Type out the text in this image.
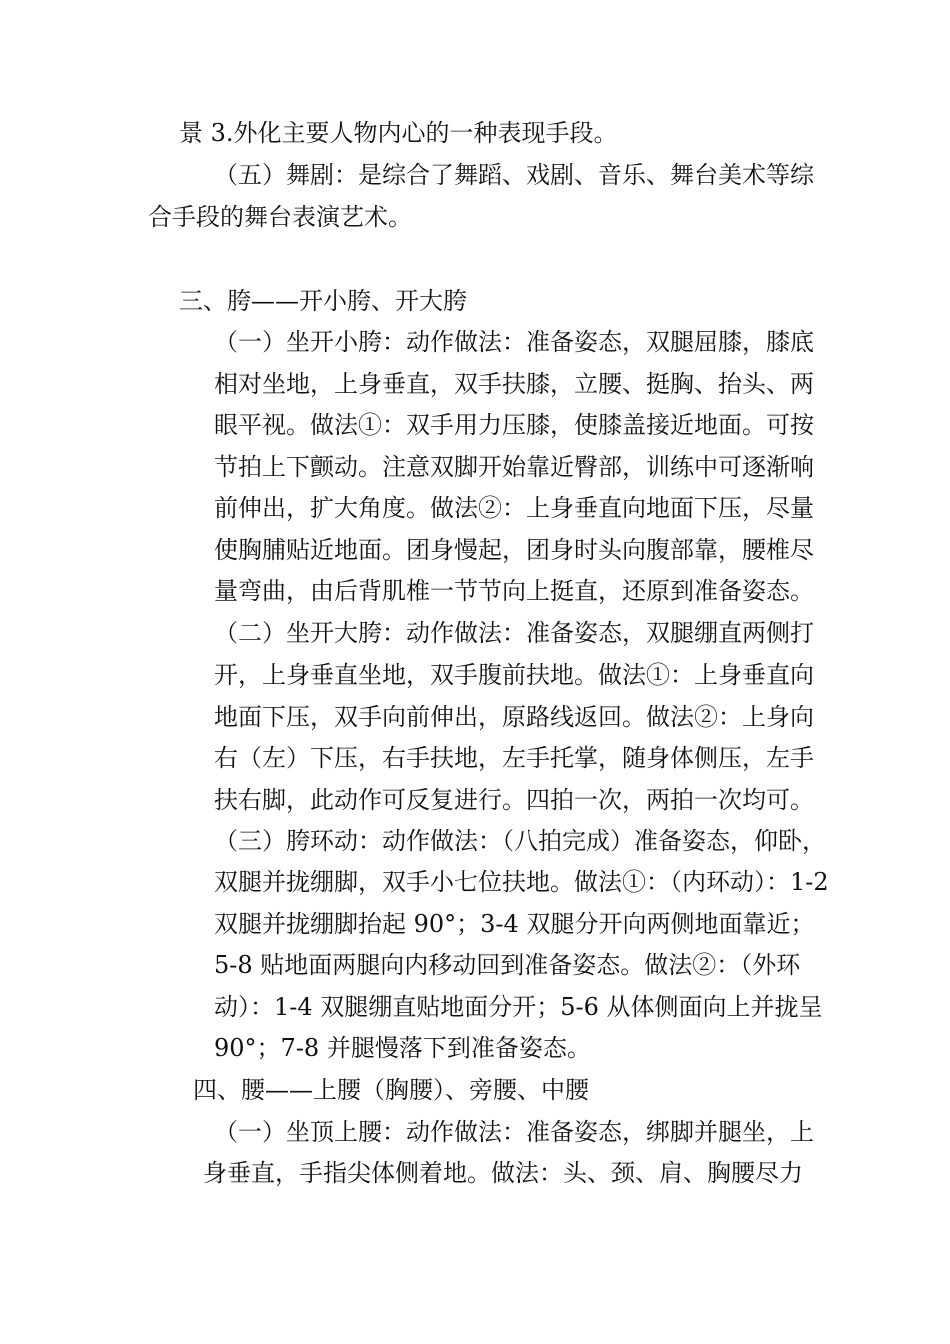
景 3.外化主要人物内心的一种表现手段。
（五）舞剧：是综合了舞蹈、戏剧、音乐、舞台美术等综
合手段的舞台表演艺术。
三、胯——开小胯、开大胯
（一）坐开小胯：动作做法：准备姿态，双腿屈膝，膝底
相对坐地，上身垂直，双手扶膝，立腰、挺胸、抬头、两
眼平视。做法①：双手用力压膝，使膝盖接近地面。可按
节拍上下颤动。注意双脚开始靠近臀部，训练中可逐渐响
前伸出，扩大角度。做法②：上身垂直向地面下压，尽量
使胸脯贴近地面。团身慢起，团身时头向腹部靠，腰椎尽
量弯曲，由后背肌椎一节节向上挺直，还原到准备姿态。
（二）坐开大胯：动作做法：准备姿态，双腿绷直两侧打
开，上身垂直坐地，双手腹前扶地。做法①：上身垂直向
地面下压，双手向前伸出，原路线返回。做法②：上身向
右（左）下压，右手扶地，左手托掌，随身体侧压，左手
扶右脚，此动作可反复进行。四拍一次，两拍一次均可。
（三）胯环动：动作做法：（八拍完成）准备姿态，仰卧，
双腿并拢绷脚，双手小七位扶地。做法①：（内环动）：1-2
双腿并拢绷脚抬起 90°；3-4 双腿分开向两侧地面靠近；
5-8 贴地面两腿向内移动回到准备姿态。做法②：（外环
动）：1-4 双腿绷直贴地面分开；5-6 从体侧面向上并拢呈
90°；7-8 并腿慢落下到准备姿态。
四、腰——上腰（胸腰）、旁腰、中腰
（一）坐顶上腰：动作做法：准备姿态，绑脚并腿坐，上
身垂直，手指尖体侧着地。做法：头、颈、肩、胸腰尽力
